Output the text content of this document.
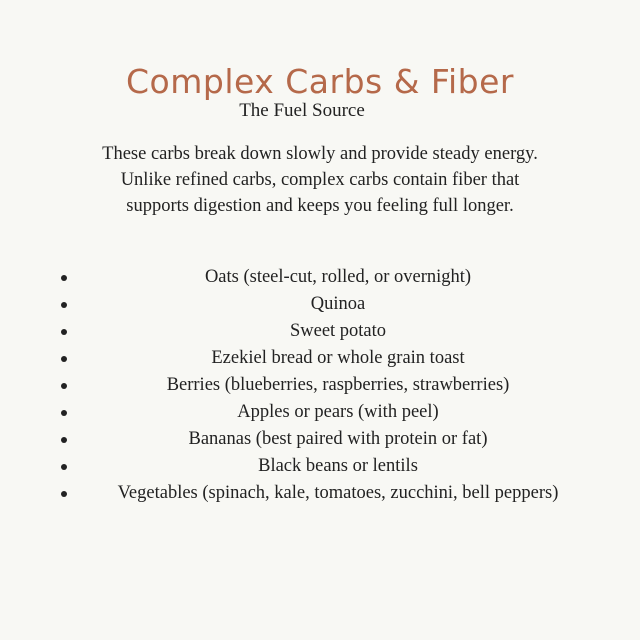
Complex Carbs & Fiber
The Fuel Source
These carbs break down slowly and provide steady energy.
Unlike refined carbs, complex carbs contain fiber that
supports digestion and keeps you feeling full longer.
Oats (steel-cut, rolled, or overnight)
Quinoa
Sweet potato
Ezekiel bread or whole grain toast
Berries (blueberries, raspberries, strawberries)
Apples or pears (with peel)
Bananas (best paired with protein or fat)
Black beans or lentils
Vegetables (spinach, kale, tomatoes, zucchini, bell peppers)
